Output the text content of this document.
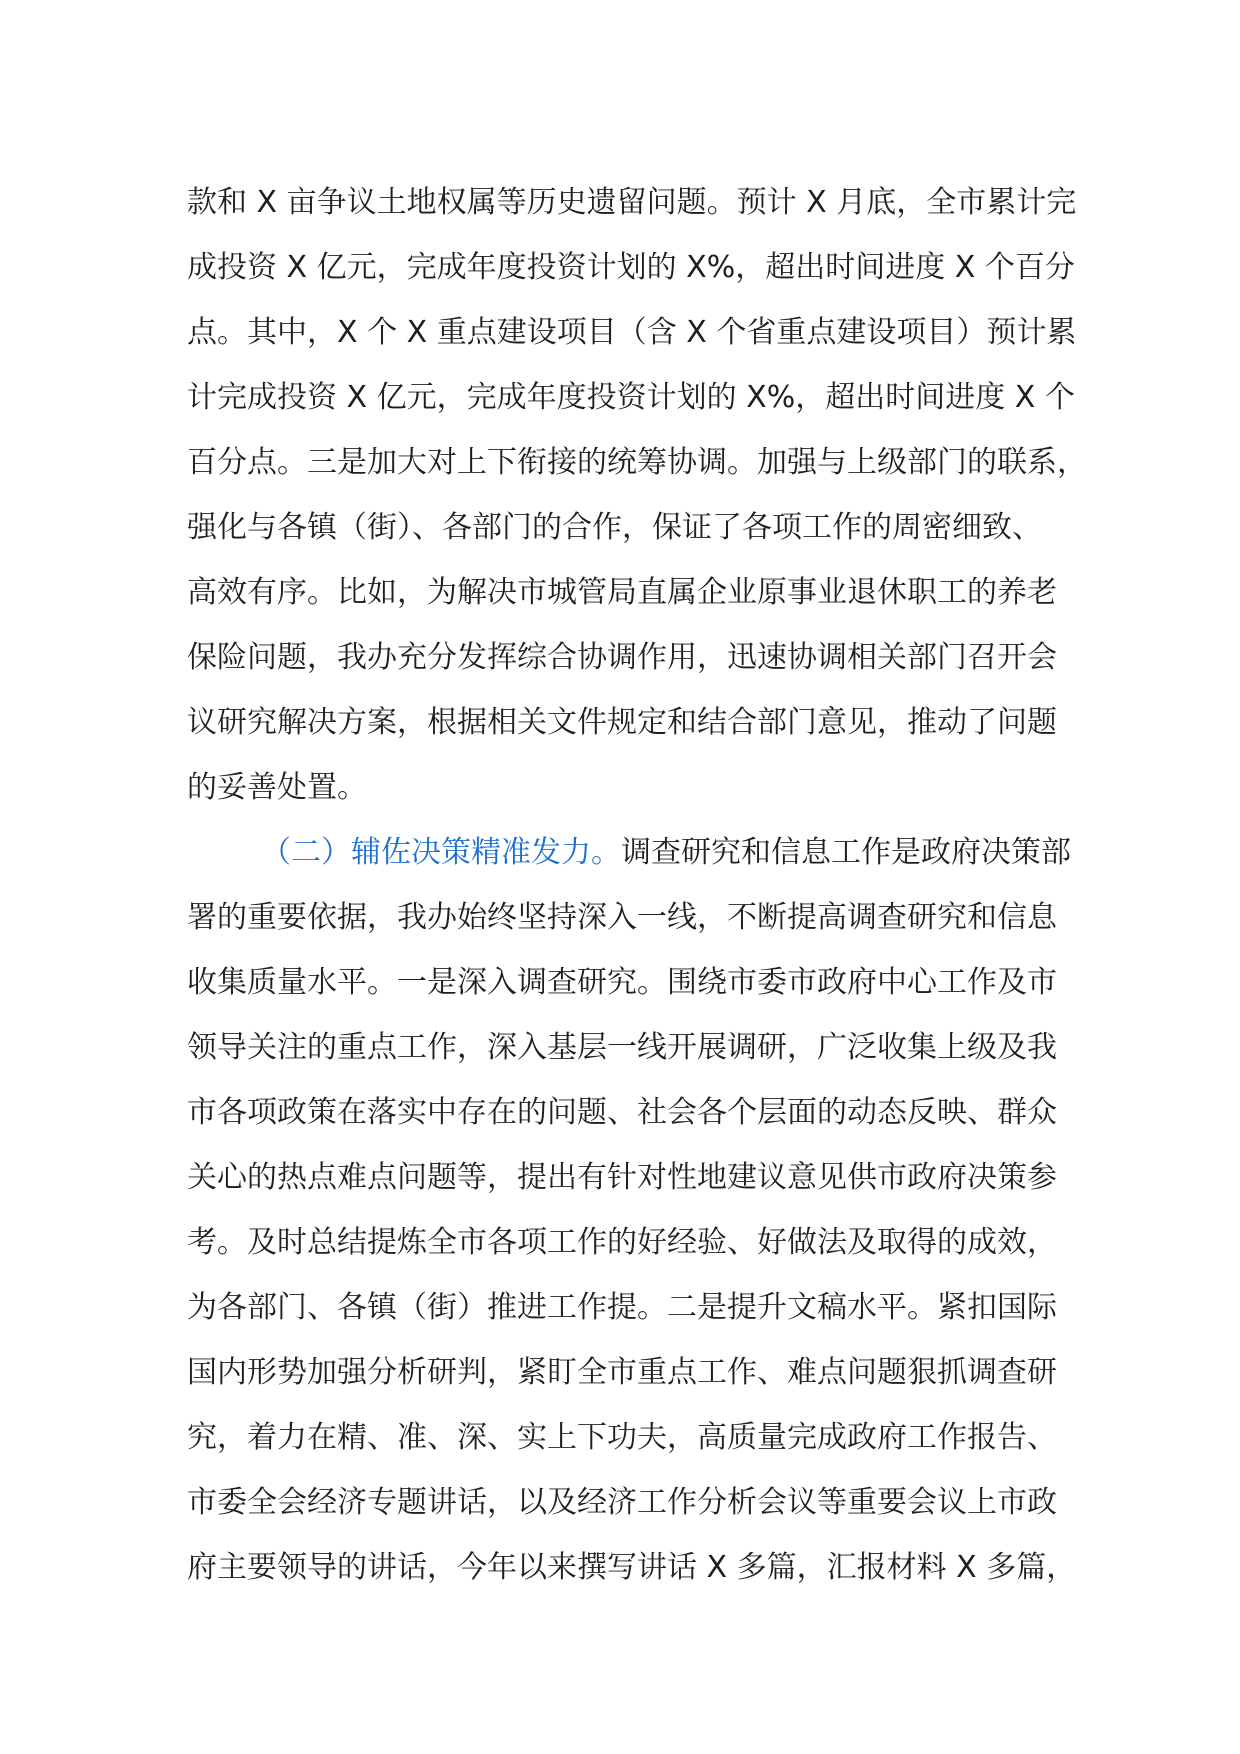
款和 X 亩争议土地权属等历史遗留问题。预计 X 月底，全市累计完
成投资 X 亿元，完成年度投资计划的 X%，超出时间进度 X 个百分
点。其中，X 个 X 重点建设项目（含 X 个省重点建设项目）预计累
计完成投资 X 亿元，完成年度投资计划的 X%，超出时间进度 X 个
百分点。三是加大对上下衔接的统筹协调。加强与上级部门的联系，
强化与各镇（街）、各部门的合作，保证了各项工作的周密细致、
高效有序。比如，为解决市城管局直属企业原事业退休职工的养老
保险问题，我办充分发挥综合协调作用，迅速协调相关部门召开会
议研究解决方案，根据相关文件规定和结合部门意见，推动了问题
的妥善处置。
（二）辅佐决策精准发力。调查研究和信息工作是政府决策部
署的重要依据，我办始终坚持深入一线，不断提高调查研究和信息
收集质量水平。一是深入调查研究。围绕市委市政府中心工作及市
领导关注的重点工作，深入基层一线开展调研，广泛收集上级及我
市各项政策在落实中存在的问题、社会各个层面的动态反映、群众
关心的热点难点问题等，提出有针对性地建议意见供市政府决策参
考。及时总结提炼全市各项工作的好经验、好做法及取得的成效，
为各部门、各镇（街）推进工作提。二是提升文稿水平。紧扣国际
国内形势加强分析研判，紧盯全市重点工作、难点问题狠抓调查研
究，着力在精、准、深、实上下功夫，高质量完成政府工作报告、
市委全会经济专题讲话，以及经济工作分析会议等重要会议上市政
府主要领导的讲话，今年以来撰写讲话 X 多篇，汇报材料 X 多篇，
